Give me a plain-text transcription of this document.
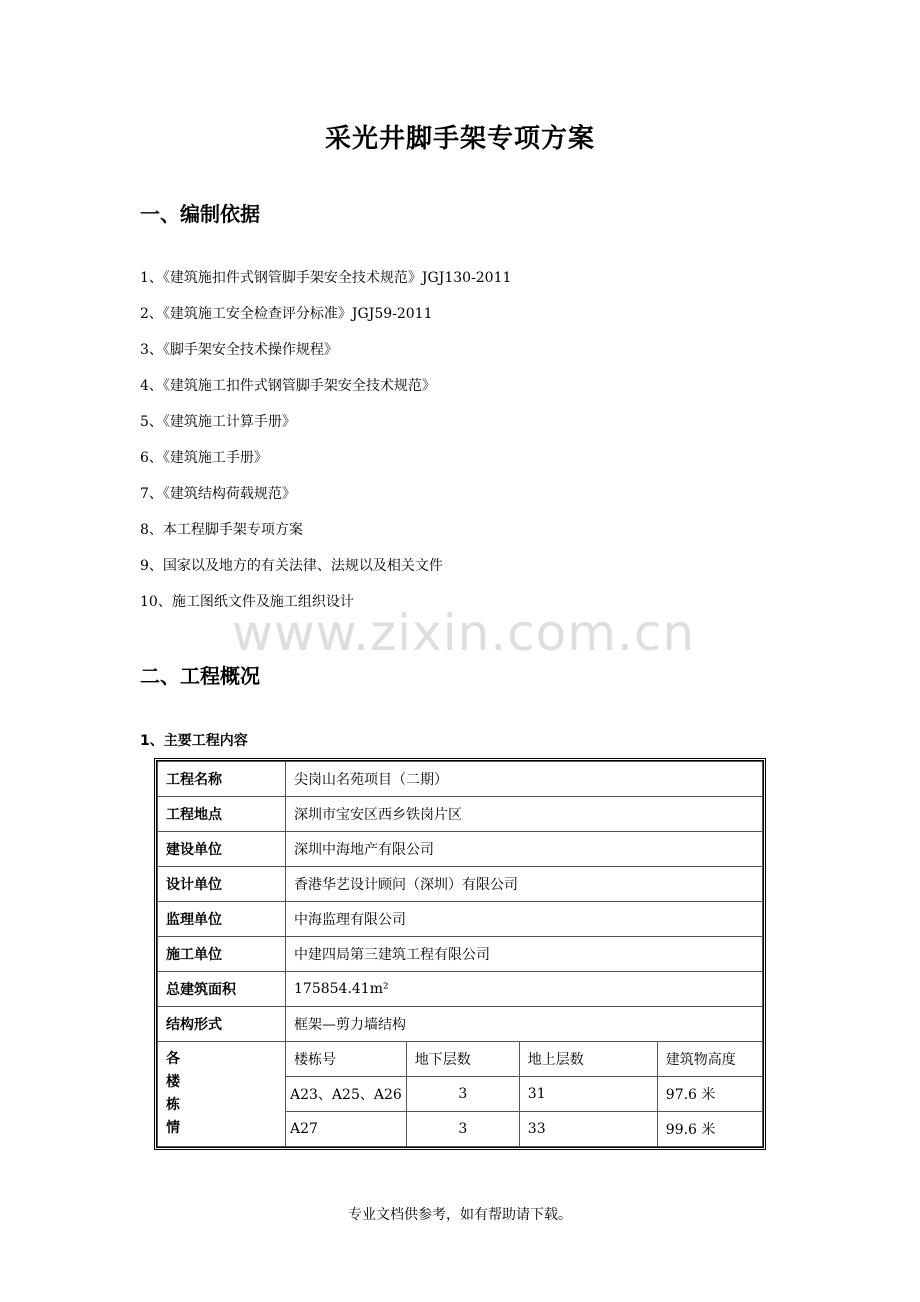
采光井脚手架专项方案
一、编制依据
1、《建筑施扣件式钢管脚手架安全技术规范》JGJ130-2011
2、《建筑施工安全检查评分标准》JGJ59-2011
3、《脚手架安全技术操作规程》
4、《建筑施工扣件式钢管脚手架安全技术规范》
5、《建筑施工计算手册》
6、《建筑施工手册》
7、《建筑结构荷载规范》
8、本工程脚手架专项方案
9、国家以及地方的有关法律、法规以及相关文件
10、施工图纸文件及施工组织设计
www.zixin.com.cn
二、工程概况
1、主要工程内容
工程名称	尖岗山名苑项目（二期）			
工程地点	深圳市宝安区西乡铁岗片区			
建设单位	深圳中海地产有限公司			
设计单位	香港华艺设计顾问（深圳）有限公司			
监理单位	中海监理有限公司			
施工单位	中建四局第三建筑工程有限公司			
总建筑面积	175854.41m²			
结构形式	框架—剪力墙结构			

各
楼
栋
情	楼栋号	地下层数	地上层数	建筑物高度
	A23、A25、A26	3	31	97.6 米
	A27	3	33	99.6 米
专业文档供参考，如有帮助请下载。
